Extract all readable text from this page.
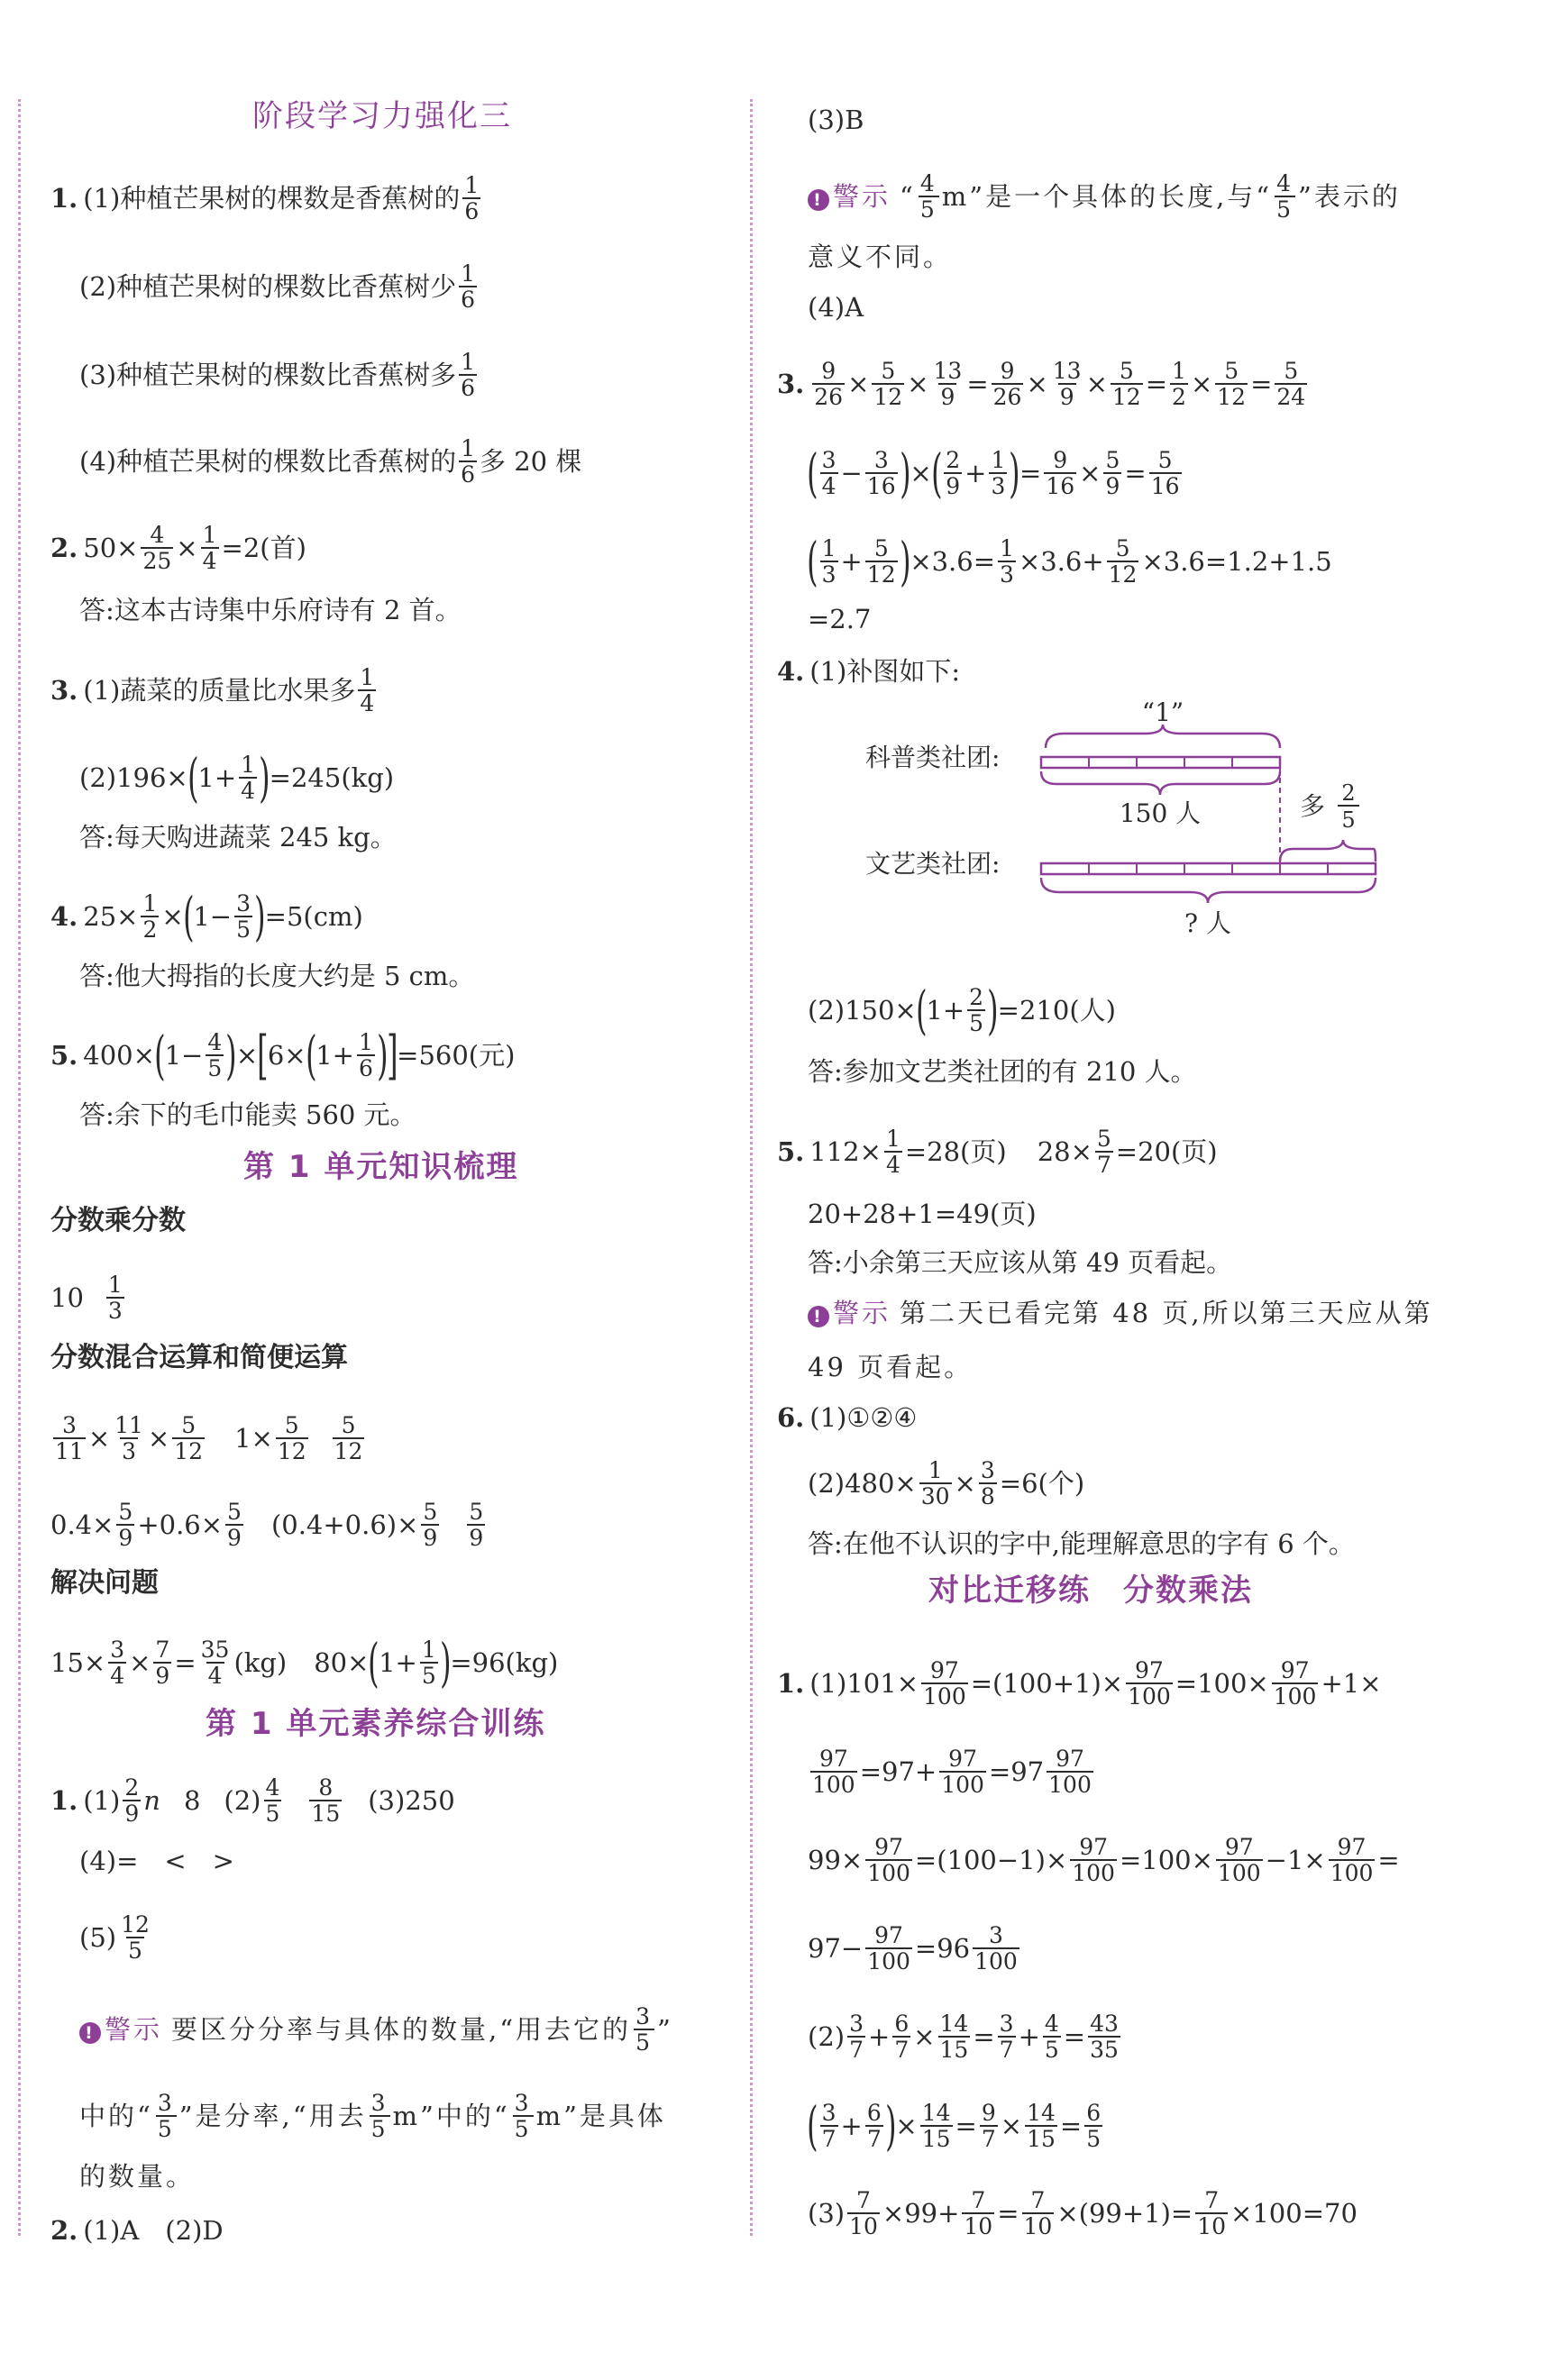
阶段学习力强化三
1. (1)种植芒果树的棵数是香蕉树的 $\frac{1}{6}$
(2)种植芒果树的棵数比香蕉树少 $\frac{1}{6}$
(3)种植芒果树的棵数比香蕉树多 $\frac{1}{6}$
(4)种植芒果树的棵数比香蕉树的 $\frac{1}{6}$ 多 20 棵
2. $50\times \frac{4}{25} \times \frac{1}{4} =2$(首)
答:这本古诗集中乐府诗有 2 首。
3. (1)蔬菜的质量比水果多 $\frac{1}{4}$
(2)196× ( $1+ \frac{1}{4}$ ) =245(kg)
答:每天购进蔬菜 245 kg。
4. $25\times \frac{1}{2}$ × ( $1- \frac{3}{5}$ ) =5(cm)
答:他大拇指的长度大约是 5 cm。
5. 400× ( $1- \frac{4}{5}$ ) × [ 6× ( $1+ \frac{1}{6}$ )
] =560(元)
答:余下的毛巾能卖 560 元。
第 1 单元知识梳理
分数乘分数
$10 \frac{1}{3}$
分数混合运算和简便运算
$\frac{3}{11} \times \frac{11}{3} \times \frac{5}{12} 1\times \frac{5}{12} \frac{5}{12}$
$0.4\times \frac{5}{9} +0.6\times \frac{5}{9} (0.4+0.6)\times \frac{5}{9} \frac{5}{9}$
解决问题
$15\times \frac{3}{4} \times \frac{7}{9} = \frac{35}{4} (kg)$ 80× ( $1+ \frac{1}{5}$ ) =96(kg)
第 1 单元素养综合训练
1. $(1) \frac{2}{9}$ n 8 $(2) \frac{4}{5} \frac{8}{15} (3)250$
(4)=　<　>
$(5) \frac{12}{5}$
! 警示 要区分分率与具体的数量,“用去它的 $\frac{3}{5}$ ”
中的“ $\frac{3}{5}$ ”是分率,“用去 $\frac{3}{5} m$”中的“ $\frac{3}{5} m$”是具体
的数量。
2. (1)A　(2)D
(3)B
! 警示 “ $\frac{4}{5} m$”是一个具体的长度,与“ $\frac{4}{5}$ ”表示的
意义不同。
(4)A
3. $\frac{9}{26} \times \frac{5}{12} \times \frac{13}{9} = \frac{9}{26} \times \frac{13}{9} \times \frac{5}{12} = \frac{1}{2} \times \frac{5}{12} = \frac{5}{24}$
( $\frac{3}{4} - \frac{3}{16}$ ) × ( $\frac{2}{9} + \frac{1}{3}$ ) = $\frac{9}{16} \times \frac{5}{9} = \frac{5}{16}$
( $\frac{1}{3} + \frac{5}{12}$ ) $\times 3.6= \frac{1}{3} \times 3.6+ \frac{5}{12} \times 3.6=1.2+1.5$
=2.7
4. (1)补图如下:
“1”
科普类社团:
150 人	多 2
5
文艺类社团:
? 人
(2)150× ( $1+ \frac{2}{5}$ ) =210(人)
答:参加文艺类社团的有 210 人。
5. $112\times \frac{1}{4} =28$(页) $28\times \frac{5}{7} =20$(页)
20+28+1=49(页)
答:小余第三天应该从第 49 页看起。
! 警示 第二天已看完第 48 页,所以第三天应从第
49 页看起。
6. (1)①②④
$(2)480\times \frac{1}{30} \times \frac{3}{8} =6$(个)
答:在他不认识的字中,能理解意思的字有 6 个。
对比迁移练　分数乘法
1. $(1)101\times \frac{97}{100} =(100+1)\times \frac{97}{100} =100\times \frac{97}{100} +1\times$
$\frac{97}{100} =97+ \frac{97}{100} =97 \frac{97}{100}$
$99\times \frac{97}{100} =(100-1)\times \frac{97}{100} =100\times \frac{97}{100} -1\times \frac{97}{100}$ =
$97- \frac{97}{100} =96 \frac{3}{100}$
$(2) \frac{3}{7} + \frac{6}{7} \times \frac{14}{15} = \frac{3}{7} + \frac{4}{5} = \frac{43}{35}$
( $\frac{3}{7} + \frac{6}{7}$ ) × $\frac{14}{15} = \frac{9}{7} \times \frac{14}{15} = \frac{6}{5}$
$(3) \frac{7}{10} \times 99+ \frac{7}{10} = \frac{7}{10} \times(99+1)= \frac{7}{10} \times 100=70$
